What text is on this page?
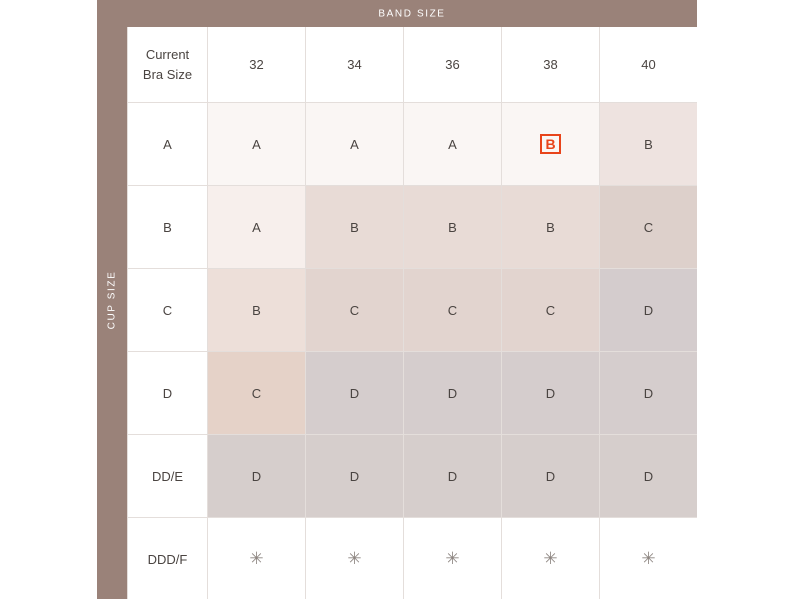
CUP SIZE
BAND SIZE
Current
Bra Size	32	34	36	38	40
A	A	A	A	B	B
B	A	B	B	B	C
C	B	C	C	C	D
D	C	D	D	D	D
DD/E	D	D	D	D	D
DDD/F	✳	✳	✳	✳	✳
